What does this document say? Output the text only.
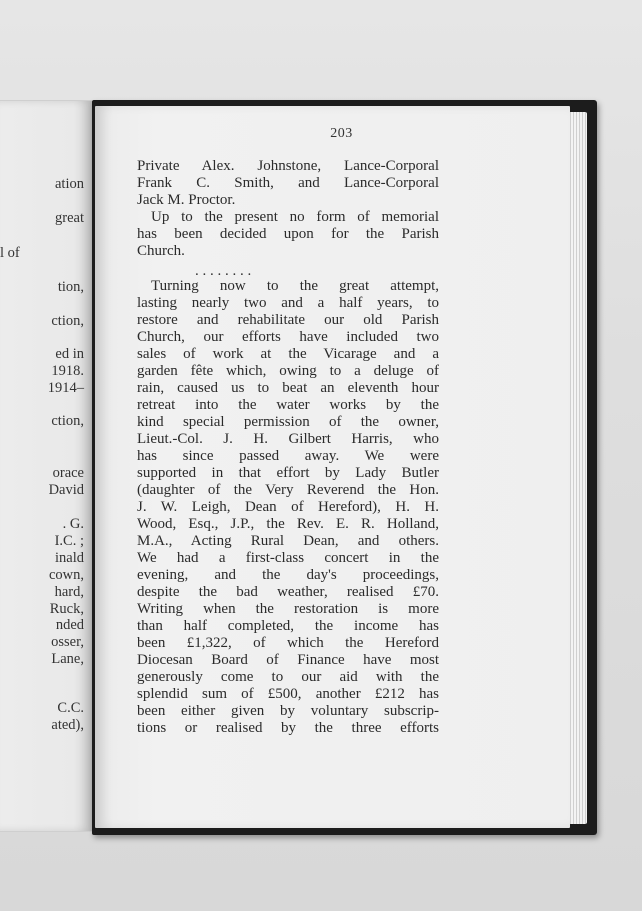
ation
great
l of
tion,
ction,
ed in
1918.
1914–
ction,
orace
David
. G.
I.C. ;
inald
cown,
hard,
Ruck,
nded
osser,
Lane,
C.C.
ated),
203
Private Alex. Johnstone, Lance-Corporal
Frank C. Smith, and Lance-Corporal
Jack M. Proctor.
Up to the present no form of memorial
has been decided upon for the Parish
Church.
. . . . . . . .
Turning now to the great attempt,
lasting nearly two and a half years, to
restore and rehabilitate our old Parish
Church, our efforts have included two
sales of work at the Vicarage and a
garden fête which, owing to a deluge of
rain, caused us to beat an eleventh hour
retreat into the water works by the
kind special permission of the owner,
Lieut.-Col. J. H. Gilbert Harris, who
has since passed away. We were
supported in that effort by Lady Butler
(daughter of the Very Reverend the Hon.
J. W. Leigh, Dean of Hereford), H. H.
Wood, Esq., J.P., the Rev. E. R. Holland,
M.A., Acting Rural Dean, and others.
We had a first-class concert in the
evening, and the day's proceedings,
despite the bad weather, realised £70.
Writing when the restoration is more
than half completed, the income has
been £1,322, of which the Hereford
Diocesan Board of Finance have most
generously come to our aid with the
splendid sum of £500, another £212 has
been either given by voluntary subscrip-
tions or realised by the three efforts
